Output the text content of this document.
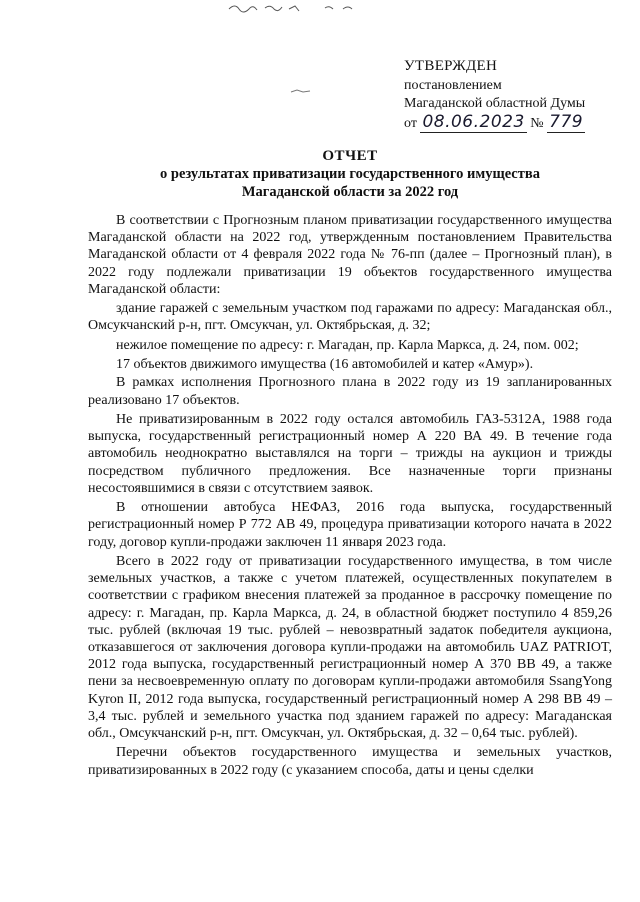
УТВЕРЖДЕН
постановлением
Магаданской областной Думы
от 08.06.2023 № 779
ОТЧЕТ
о результатах приватизации государственного имущества
Магаданской области за 2022 год

В соответствии с Прогнозным планом приватизации государственного имущества Магаданской области на 2022 год, утвержденным постановлением Правительства Магаданской области от 4 февраля 2022 года № 76-пп (далее – Прогнозный план), в 2022 году подлежали приватизации 19 объектов государственного имущества Магаданской области:

здание гаражей с земельным участком под гаражами по адресу: Магаданская обл., Омсукчанский р-н, пгт. Омсукчан, ул. Октябрьская, д. 32;

нежилое помещение по адресу: г. Магадан, пр. Карла Маркса, д. 24, пом. 002;

17 объектов движимого имущества (16 автомобилей и катер «Амур»).

В рамках исполнения Прогнозного плана в 2022 году из 19 запланированных реализовано 17 объектов.

Не приватизированным в 2022 году остался автомобиль ГАЗ-5312А, 1988 года выпуска, государственный регистрационный номер А 220 ВА 49. В течение года автомобиль неоднократно выставлялся на торги – трижды на аукцион и трижды посредством публичного предложения. Все назначенные торги признаны несостоявшимися в связи с отсутствием заявок.

В отношении автобуса НЕФАЗ, 2016 года выпуска, государственный регистрационный номер Р 772 АВ 49, процедура приватизации которого начата в 2022 году, договор купли-продажи заключен 11 января 2023 года.

Всего в 2022 году от приватизации государственного имущества, в том числе земельных участков, а также с учетом платежей, осуществленных покупателем в соответствии с графиком внесения платежей за проданное в рассрочку помещение по адресу: г. Магадан, пр. Карла Маркса, д. 24, в областной бюджет поступило 4 859,26 тыс. рублей (включая 19 тыс. рублей – невозвратный задаток победителя аукциона, отказавшегося от заключения договора купли-продажи на автомобиль UAZ PATRIOT, 2012 года выпуска, государственный регистрационный номер А 370 ВВ 49, а также пени за несвоевременную оплату по договорам купли-продажи автомобиля SsangYong Kyron II, 2012 года выпуска, государственный регистрационный номер А 298 ВВ 49 – 3,4 тыс. рублей и земельного участка под зданием гаражей по адресу: Магаданская обл., Омсукчанский р-н, пгт. Омсукчан, ул. Октябрьская, д. 32 – 0,64 тыс. рублей).

Перечни объектов государственного имущества и земельных участков, приватизированных в 2022 году (с указанием способа, даты и цены сделки
